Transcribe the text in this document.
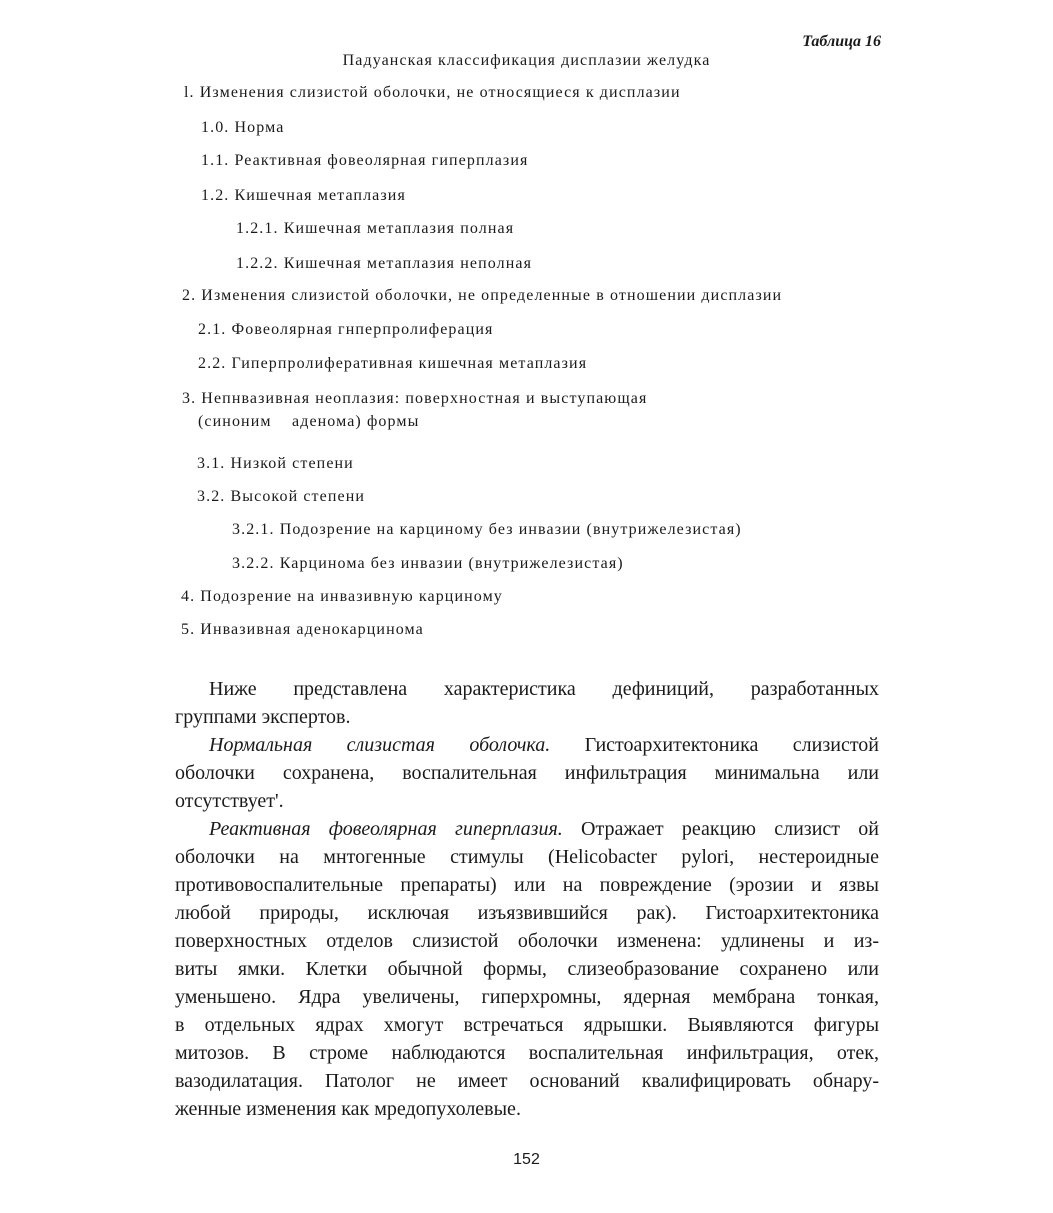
Таблица 16
Падуанская классификация дисплазии желудка
l. Изменения слизистой оболочки, не относящиеся к дисплазии
1.0. Норма
1.1. Реактивная фовеолярная гиперплазия
1.2. Кишечная метаплазия
1.2.1. Кишечная метаплазия полная
1.2.2. Кишечная метаплазия неполная
2. Изменения слизистой оболочки, не определенные в отношении дисплазии
2.1. Фовеолярная гнперпролиферация
2.2. Гиперпролиферативная кишечная метаплазия
3. Непнвазивная неоплазия: поверхностная и выступающая
(синоним    аденома) формы
3.1. Низкой степени
3.2. Высокой степени
3.2.1. Подозрение на карциному без инвазии (внутрижелезистая)
3.2.2. Карцинома без инвазии (внутрижелезистая)
4. Подозрение на инвазивную карциному
5. Инвазивная аденокарцинома
Ниже представлена характеристика дефиниций, разработанных
группами экспертов.
Нормальная слизистая оболочка. Гистоархитектоника слизистой
оболочки сохранена, воспалительная инфильтрация минимальна или
отсутствует'.
Реактивная фовеолярная гиперплазия. Отражает реакцию слизист ой
оболочки на мнтогенные стимулы (Helicobacter pylori, нестероидные
противовоспалительные препараты) или на повреждение (эрозии и язвы
любой природы, исключая изъязвившийся рак). Гистоархитектоника
поверхностных отделов слизистой оболочки изменена: удлинены и из-
виты ямки. Клетки обычной формы, слизеобразование сохранено или
уменьшено. Ядра увеличены, гиперхромны, ядерная мембрана тонкая,
в отдельных ядрах хмогут встречаться ядрышки. Выявляются фигуры
митозов. В строме наблюдаются воспалительная инфильтрация, отек,
вазодилатация. Патолог не имеет оснований квалифицировать обнару-
женные изменения как мредопухолевые.
152
